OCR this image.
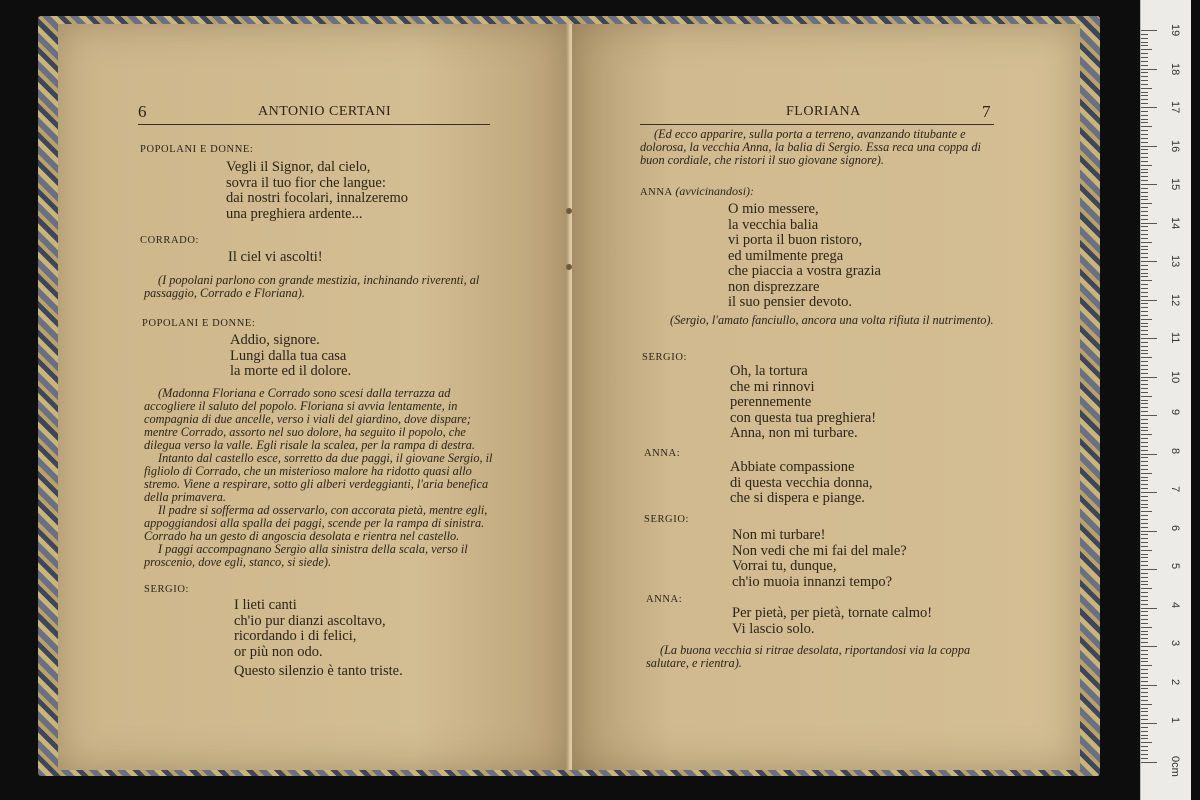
6	ANTONIO CERTANI
POPOLANI E DONNE:
Vegli il Signor, dal cielo,
sovra il tuo fior che langue:
dai nostri focolari, innalzeremo
una preghiera ardente...
CORRADO:
Il ciel vi ascolti!

(I popolani parlono con grande mestizia, inchinando riverenti, al passaggio, Corrado e Floriana).

POPOLANI E DONNE:
Addio, signore.
Lungi dalla tua casa
la morte ed il dolore.

(Madonna Floriana e Corrado sono scesi dalla terrazza ad accogliere il saluto del popolo. Floriana si avvia lentamente, in compagnia di due ancelle, verso i viali del giardino, dove dispare; mentre Corrado, assorto nel suo dolore, ha seguito il popolo, che dilegua verso la valle. Egli risale la scalea, per la rampa di destra.

Intanto dal castello esce, sorretto da due paggi, il giovane Sergio, il figliolo di Corrado, che un misterioso malore ha ridotto quasi allo stremo. Viene a respirare, sotto gli alberi verdeggianti, l'aria benefica della primavera.

Il padre si sofferma ad osservarlo, con accorata pietà, mentre egli, appoggiandosi alla spalla dei paggi, scende per la rampa di sinistra. Corrado ha un gesto di angoscia desolata e rientra nel castello.

I paggi accompagnano Sergio alla sinistra della scala, verso il proscenio, dove egli, stanco, si siede).

SERGIO:
I lieti canti
ch'io pur dianzi ascoltavo,
ricordando i di felici,
or più non odo.
Questo silenzio è tanto triste.
FLORIANA	7

(Ed ecco apparire, sulla porta a terreno, avanzando titubante e dolorosa, la vecchia Anna, la balia di Sergio. Essa reca una coppa di buon cordiale, che ristori il suo giovane signore).

ANNA (avvicinandosi):
O mio messere,
la vecchia balia
vi porta il buon ristoro,
ed umilmente prega
che piaccia a vostra grazia
non disprezzare
il suo pensier devoto.

(Sergio, l'amato fanciullo, ancora una volta rifiuta il nutrimento).

SERGIO:
Oh, la tortura
che mi rinnovi
perennemente
con questa tua preghiera!
Anna, non mi turbare.
ANNA:
Abbiate compassione
di questa vecchia donna,
che si dispera e piange.
SERGIO:
Non mi turbare!
Non vedi che mi fai del male?
Vorrai tu, dunque,
ch'io muoia innanzi tempo?
ANNA:
Per pietà, per pietà, tornate calmo!
Vi lascio solo.

(La buona vecchia si ritrae desolata, riportandosi via la coppa salutare, e rientra).

19
18
17
16
15
14
13
12
11
10
9
8
7
6
5
4
3
2
1
0cm
